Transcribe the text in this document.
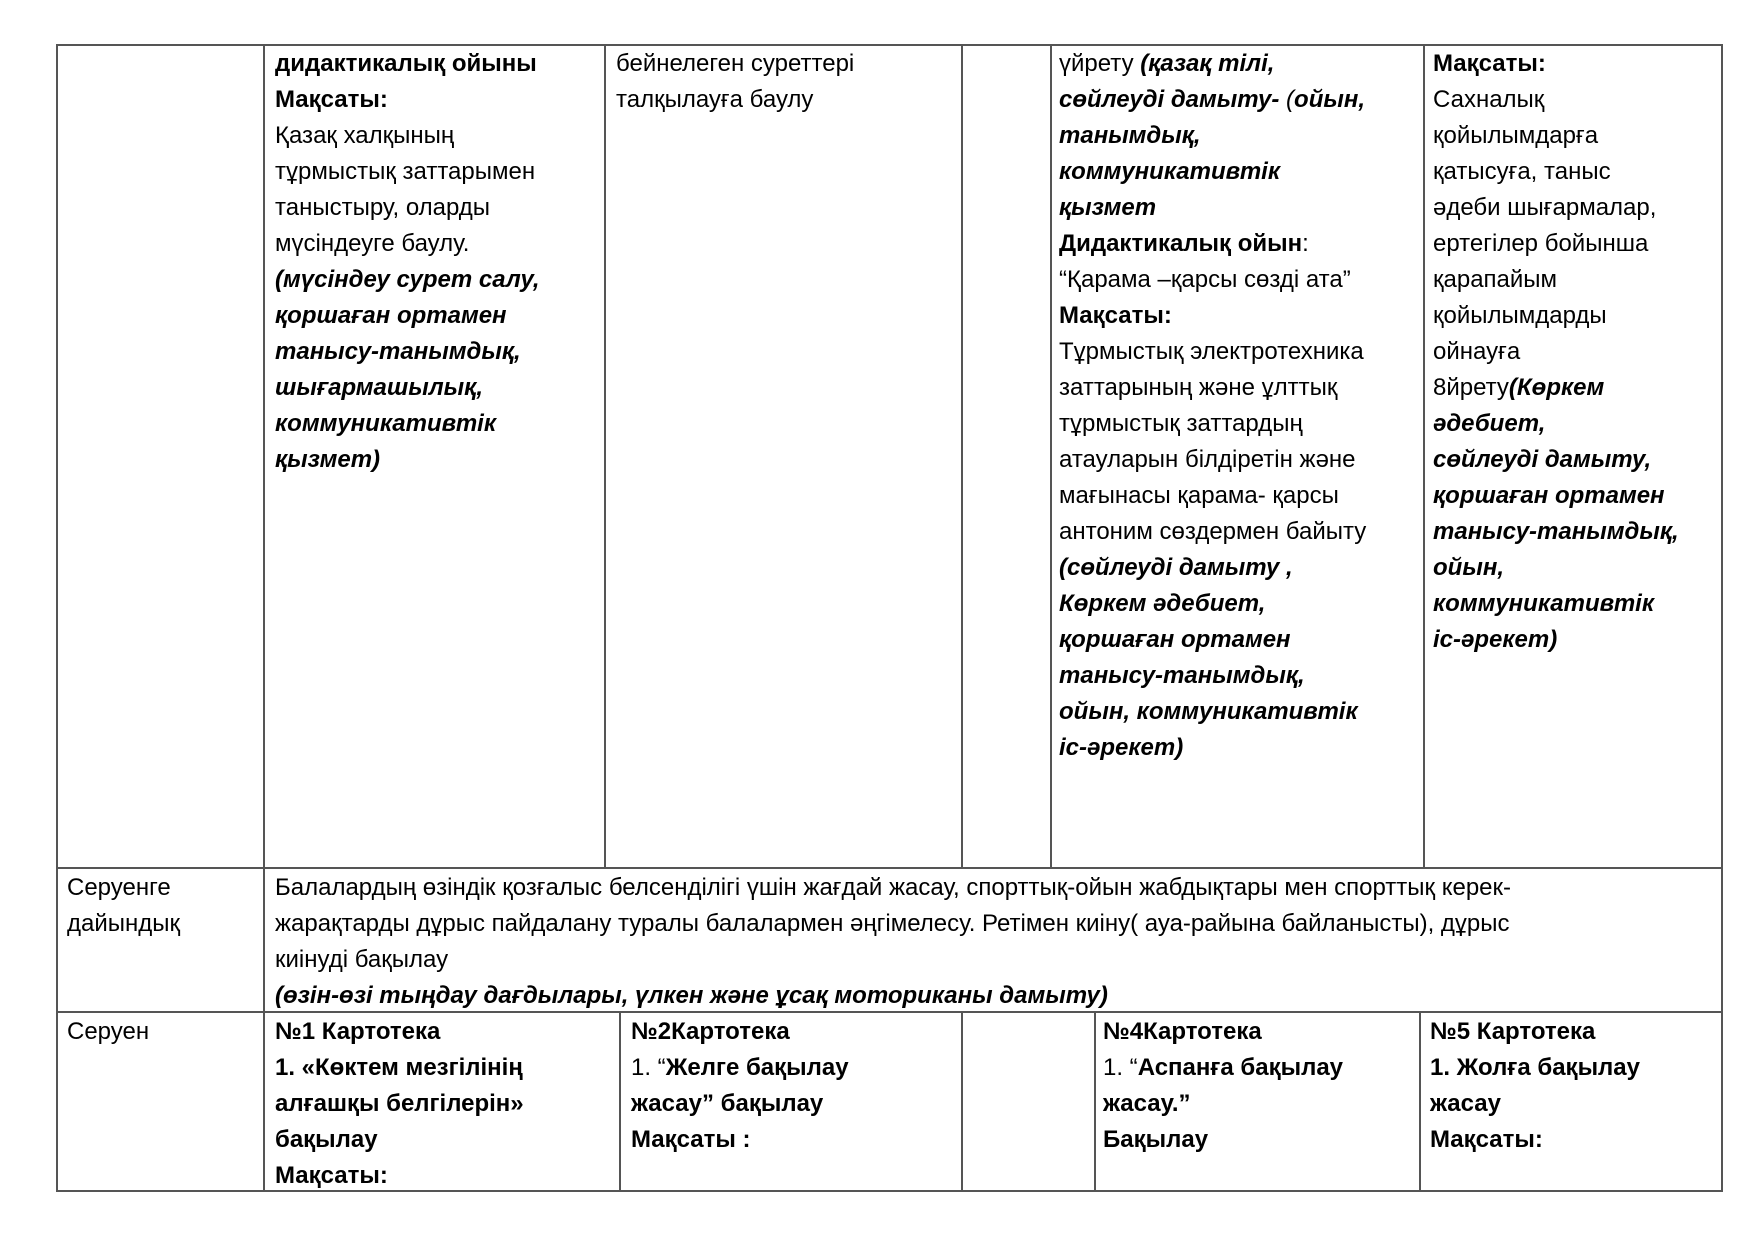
дидактикалық ойыны
Мақсаты:
Қазақ халқының
тұрмыстық заттарымен
таныстыру, оларды
мүсіндеуге баулу.
(мүсіндеу сурет салу,
қоршаған ортамен
танысу-танымдық,
шығармашылық,
коммуникативтік
қызмет)
бейнелеген суреттері
талқылауға баулу
үйрету (қазақ тілі,
сөйлеуді дамыту- (ойын,
танымдық,
коммуникативтік
қызмет
Дидактикалық ойын:
“Қарама –қарсы сөзді ата”
Мақсаты:
Тұрмыстық электротехника
заттарының және ұлттық
тұрмыстық заттардың
атауларын білдіретін және
мағынасы қарама- қарсы
антоним сөздермен байыту
(сөйлеуді дамыту ,
Көркем әдебиет,
қоршаған ортамен
танысу-танымдық,
ойын, коммуникативтік
іс-әрекет)
Мақсаты:
Сахналық
қойылымдарға
қатысуға, таныс
әдеби шығармалар,
ертегілер бойынша
қарапайым
қойылымдарды
ойнауға
8йрету(Көркем
әдебиет,
сөйлеуді дамыту,
қоршаған ортамен
танысу-танымдық,
ойын,
коммуникативтік
іс-әрекет)
Серуенге
дайындық
Балалардың өзіндік қозғалыс белсенділігі үшін жағдай жасау, спорттық-ойын жабдықтары мен спорттық керек-
жарақтарды дұрыс пайдалану туралы балалармен әңгімелесу. Ретімен киіну( ауа-райына байланысты), дұрыс
киінуді бақылау
(өзін-өзі тыңдау дағдылары, үлкен және ұсақ моториканы дамыту)
Серуен	№1 Картотека
1. «Көктем мезгілінің
алғашқы белгілерін»
бақылау
Мақсаты:
№2Картотека
1. “Желге бақылау
жасау” бақылау
Мақсаты :
№4Картотека
1. “Аспанға бақылау
жасау.”
Бақылау
№5 Картотека
1. Жолға бақылау
жасау
Мақсаты:
